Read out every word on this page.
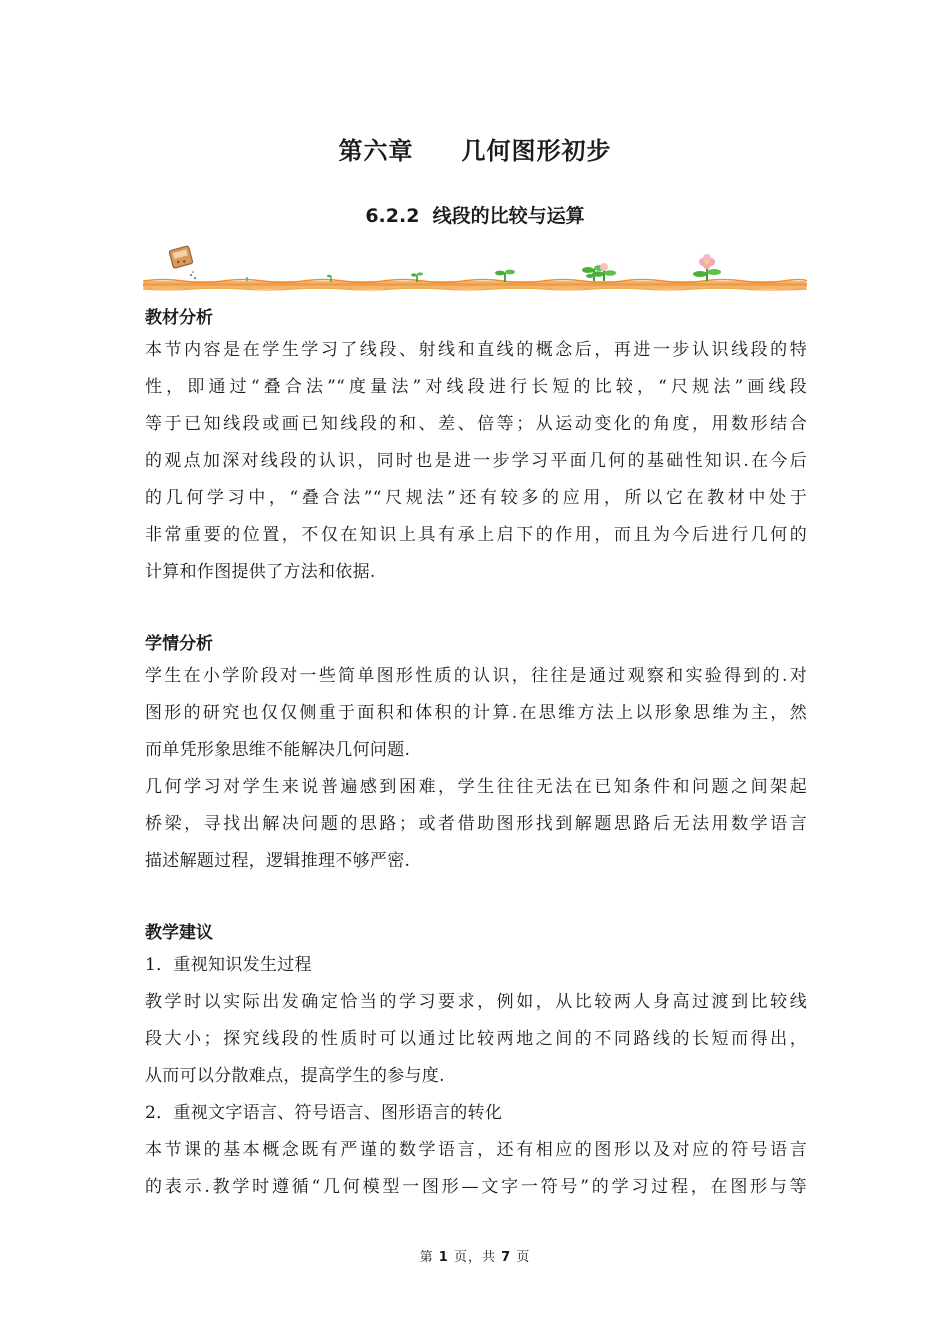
第六章 几何图形初步
6.2.2  线段的比较与运算
教材分析

本节内容是在学生学习了线段、射线和直线的概念后，再进一步认识线段的特

性，即通过“叠合法”“度量法”对线段进行长短的比较，“尺规法”画线段

等于已知线段或画已知线段的和、差、倍等；从运动变化的角度，用数形结合

的观点加深对线段的认识，同时也是进一步学习平面几何的基础性知识.在今后

的几何学习中，“叠合法”“尺规法”还有较多的应用，所以它在教材中处于

非常重要的位置，不仅在知识上具有承上启下的作用，而且为今后进行几何的

计算和作图提供了方法和依据.

学情分析

学生在小学阶段对一些简单图形性质的认识，往往是通过观察和实验得到的.对

图形的研究也仅仅侧重于面积和体积的计算.在思维方法上以形象思维为主，然

而单凭形象思维不能解决几何问题.

几何学习对学生来说普遍感到困难，学生往往无法在已知条件和问题之间架起

桥梁，寻找出解决问题的思路；或者借助图形找到解题思路后无法用数学语言

描述解题过程，逻辑推理不够严密.

教学建议

1．重视知识发生过程

教学时以实际出发确定恰当的学习要求，例如，从比较两人身高过渡到比较线

段大小；探究线段的性质时可以通过比较两地之间的不同路线的长短而得出，

从而可以分散难点，提高学生的参与度.

2．重视文字语言、符号语言、图形语言的转化

本节课的基本概念既有严谨的数学语言，还有相应的图形以及对应的符号语言

的表示.教学时遵循“几何模型一图形—文字一符号”的学习过程，在图形与等

第 1 页，共 7 页
